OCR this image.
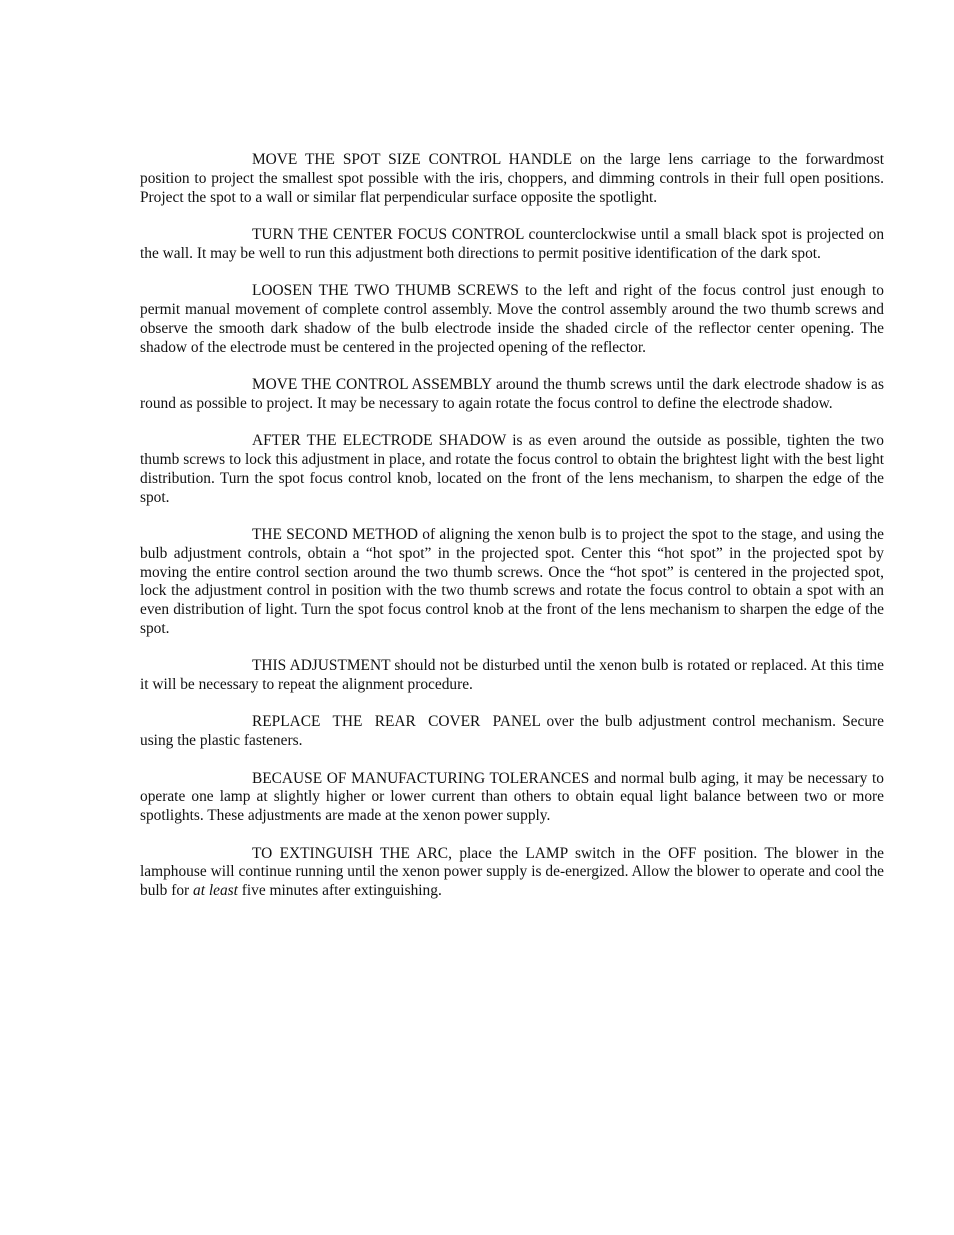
MOVE THE SPOT SIZE CONTROL HANDLE on the large lens carriage to the forwardmost position to project the smallest spot possible with the iris, choppers, and dimming controls in their full open positions. Project the spot to a wall or similar flat perpendicular surface opposite the spotlight.

TURN THE CENTER FOCUS CONTROL counterclockwise until a small black spot is projected on the wall. It may be well to run this adjustment both directions to permit positive identification of the dark spot.

LOOSEN THE TWO THUMB SCREWS to the left and right of the focus control just enough to permit manual movement of complete control assembly. Move the control assembly around the two thumb screws and observe the smooth dark shadow of the bulb electrode inside the shaded circle of the reflector center opening. The shadow of the electrode must be centered in the projected opening of the reflector.

MOVE THE CONTROL ASSEMBLY around the thumb screws until the dark electrode shadow is as round as possible to project. It may be necessary to again rotate the focus control to define the electrode shadow.

AFTER THE ELECTRODE SHADOW is as even around the outside as possible, tighten the two thumb screws to lock this adjustment in place, and rotate the focus control to obtain the brightest light with the best light distribution. Turn the spot focus control knob, located on the front of the lens mechanism, to sharpen the edge of the spot.

THE SECOND METHOD of aligning the xenon bulb is to project the spot to the stage, and using the bulb adjustment controls, obtain a “hot spot” in the projected spot. Center this “hot spot” in the projected spot by moving the entire control section around the two thumb screws. Once the “hot spot” is centered in the projected spot, lock the adjustment control in position with the two thumb screws and rotate the focus control to obtain a spot with an even distribution of light. Turn the spot focus control knob at the front of the lens mechanism to sharpen the edge of the spot.

THIS ADJUSTMENT should not be disturbed until the xenon bulb is rotated or replaced. At this time it will be necessary to repeat the alignment procedure.

REPLACE  THE  REAR  COVER  PANEL over the bulb adjustment control mechanism. Secure using the plastic fasteners.

BECAUSE OF MANUFACTURING TOLERANCES and normal bulb aging, it may be necessary to operate one lamp at slightly higher or lower current than others to obtain equal light balance between two or more spotlights. These adjustments are made at the xenon power supply.

TO EXTINGUISH THE ARC, place the LAMP switch in the OFF position. The blower in the lamphouse will continue running until the xenon power supply is de-energized. Allow the blower to operate and cool the bulb for at least five minutes after extinguishing.
